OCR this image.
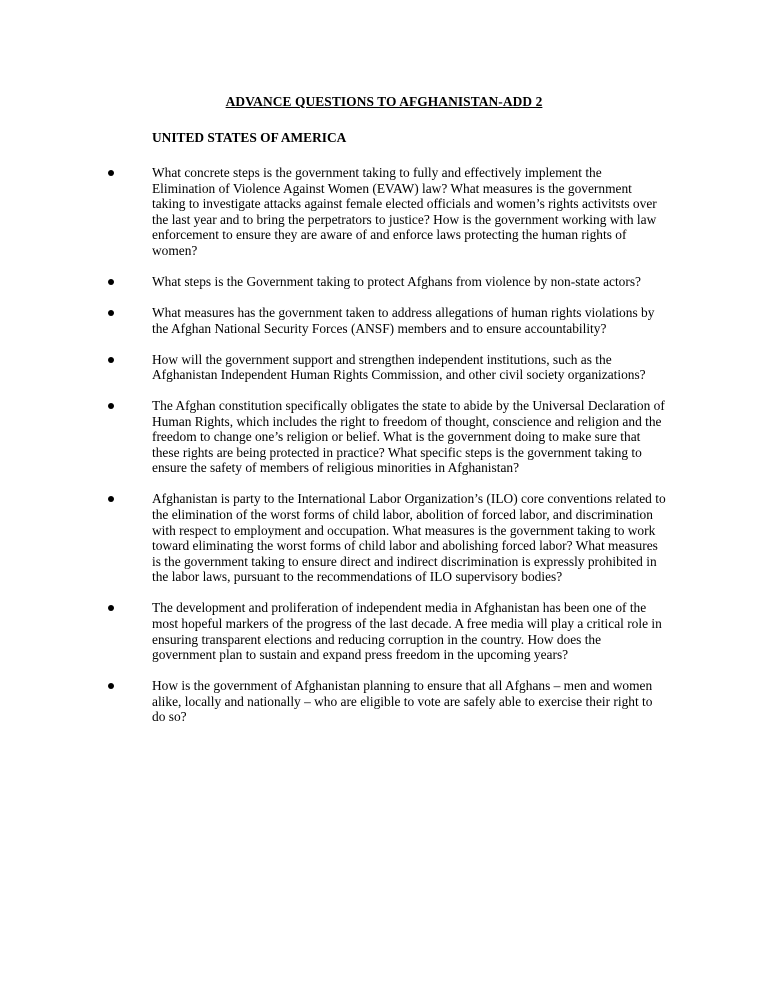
ADVANCE QUESTIONS TO AFGHANISTAN-ADD 2
UNITED STATES OF AMERICA
What concrete steps is the government taking to fully and effectively implement the Elimination of Violence Against Women (EVAW) law? What measures is the government taking to investigate attacks against female elected officials and women’s rights activitsts over the last year and to bring the perpetrators to justice? How is the government working with law enforcement to ensure they are aware of and enforce laws protecting the human rights of women?
What steps is the Government taking to protect Afghans from violence by non-state actors?
What measures has the government taken to address allegations of human rights violations by the Afghan National Security Forces (ANSF) members and to ensure accountability?
How will the government support and strengthen independent institutions, such as the Afghanistan Independent Human Rights Commission, and other civil society organizations?
The Afghan constitution specifically obligates the state to abide by the Universal Declaration of Human Rights, which includes the right to freedom of thought, conscience and religion and the freedom to change one’s religion or belief. What is the government doing to make sure that these rights are being protected in practice? What specific steps is the government taking to ensure the safety of members of religious minorities in Afghanistan?
Afghanistan is party to the International Labor Organization’s (ILO) core conventions related to the elimination of the worst forms of child labor, abolition of forced labor, and discrimination with respect to employment and occupation. What measures is the government taking to work toward eliminating the worst forms of child labor and abolishing forced labor? What measures is the government taking to ensure direct and indirect discrimination is expressly prohibited in the labor laws, pursuant to the recommendations of ILO supervisory bodies?
The development and proliferation of independent media in Afghanistan has been one of the most hopeful markers of the progress of the last decade. A free media will play a critical role in ensuring transparent elections and reducing corruption in the country. How does the government plan to sustain and expand press freedom in the upcoming years?
How is the government of Afghanistan planning to ensure that all Afghans – men and women alike, locally and nationally – who are eligible to vote are safely able to exercise their right to do so?
